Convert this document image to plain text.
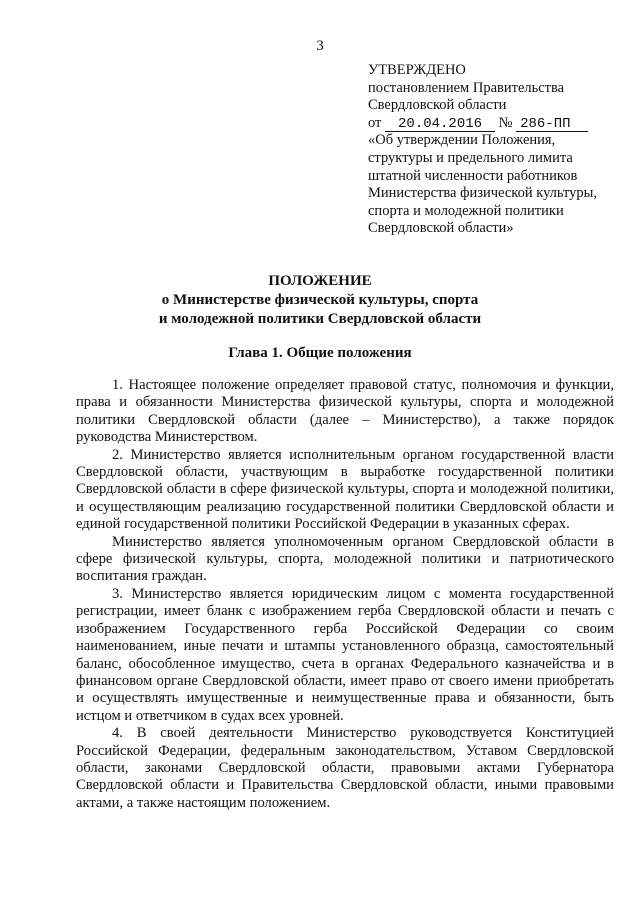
3
УТВЕРЖДЕНО
постановлением Правительства
Свердловской области
от 20.04.2016 № 286-ПП
«Об утверждении Положения,
структуры и предельного лимита
штатной численности работников
Министерства физической культуры,
спорта и молодежной политики
Свердловской области»
ПОЛОЖЕНИЕ
о Министерстве физической культуры, спорта
и молодежной политики Свердловской области
Глава 1. Общие положения

1. Настоящее положение определяет правовой статус, полномочия и функции, права и обязанности Министерства физической культуры, спорта и молодежной политики Свердловской области (далее – Министерство), а также порядок руководства Министерством.

2. Министерство является исполнительным органом государственной власти Свердловской области, участвующим в выработке государственной политики Свердловской области в сфере физической культуры, спорта и молодежной политики, и осуществляющим реализацию государственной политики Свердловской области и единой государственной политики Российской Федерации в указанных сферах.

Министерство является уполномоченным органом Свердловской области в сфере физической культуры, спорта, молодежной политики и патриотического воспитания граждан.

3. Министерство является юридическим лицом с момента государственной регистрации, имеет бланк с изображением герба Свердловской области и печать с изображением Государственного герба Российской Федерации со своим наименованием, иные печати и штампы установленного образца, самостоятельный баланс, обособленное имущество, счета в органах Федерального казначейства и в финансовом органе Свердловской области, имеет право от своего имени приобретать и осуществлять имущественные и неимущественные права и обязанности, быть истцом и ответчиком в судах всех уровней.

4. В своей деятельности Министерство руководствуется Конституцией Российской Федерации, федеральным законодательством, Уставом Свердловской области, законами Свердловской области, правовыми актами Губернатора Свердловской области и Правительства Свердловской области, иными правовыми актами, а также настоящим положением.
